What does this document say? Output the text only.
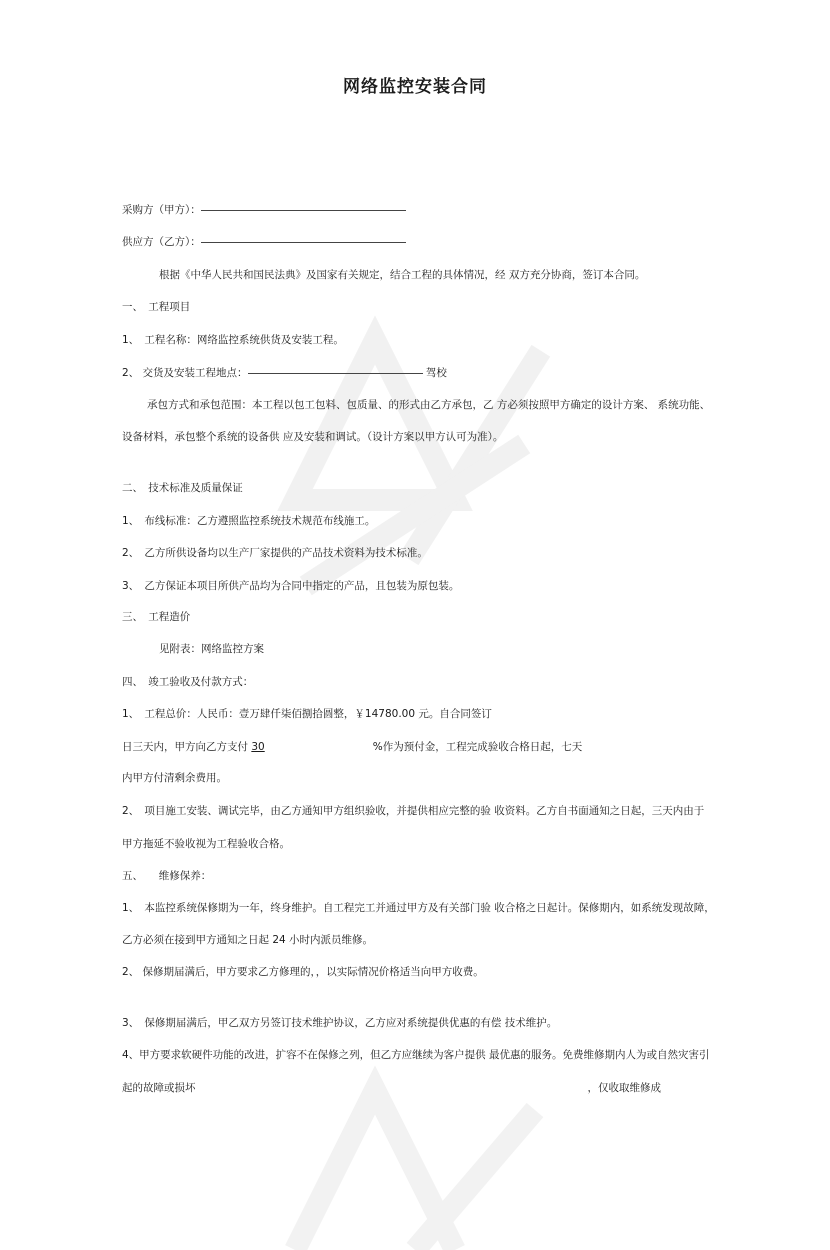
网络监控安装合同
采购方（甲方）：
供应方（乙方）：
根据《中华人民共和国民法典》及国家有关规定，结合工程的具体情况，经 双方充分协商，签订本合同。
一、　工程项目
1、　工程名称：网络监控系统供货及安装工程。
2、 交货及安装工程地点：	驾校
承包方式和承包范围：本工程以包工包料、包质量、的形式由乙方承包，乙 方必须按照甲方确定的设计方案、 系统功能、
设备材料，承包整个系统的设备供 应及安装和调试。（设计方案以甲方认可为准）。
二、　技术标准及质量保证
1、　布线标准：乙方遵照监控系统技术规范布线施工。
2、　乙方所供设备均以生产厂家提供的产品技术资料为技术标准。
3、　乙方保证本项目所供产品均为合同中指定的产品，且包装为原包装。
三、　工程造价
见附表：网络监控方案
四、　竣工验收及付款方式：
1、　工程总价：人民币：壹万肆仟柒佰捌拾圆整，￥14780.00 元。自合同签订
日三天内，甲方向乙方支付 30	%作为预付金，工程完成验收合格日起，七天
内甲方付清剩余费用。
2、　项目施工安装、调试完毕，由乙方通知甲方组织验收，并提供相应完整的验 收资料。乙方自书面通知之日起，三天内由于
甲方拖延不验收视为工程验收合格。
五、　　维修保养：
1、　本监控系统保修期为一年，终身维护。自工程完工并通过甲方及有关部门验 收合格之日起计。保修期内，如系统发现故障，
乙方必须在接到甲方通知之日起 24 小时内派员维修。
2、 保修期届满后，甲方要求乙方修理的，，以实际情况价格适当向甲方收费。
3、　保修期届满后，甲乙双方另签订技术维护协议，乙方应对系统提供优惠的有偿 技术维护。
4、甲方要求软硬件功能的改进，扩容不在保修之列，但乙方应继续为客户提供 最优惠的服务。免费维修期内人为或自然灾害引
起的故障或损坏	，仅收取维修成
